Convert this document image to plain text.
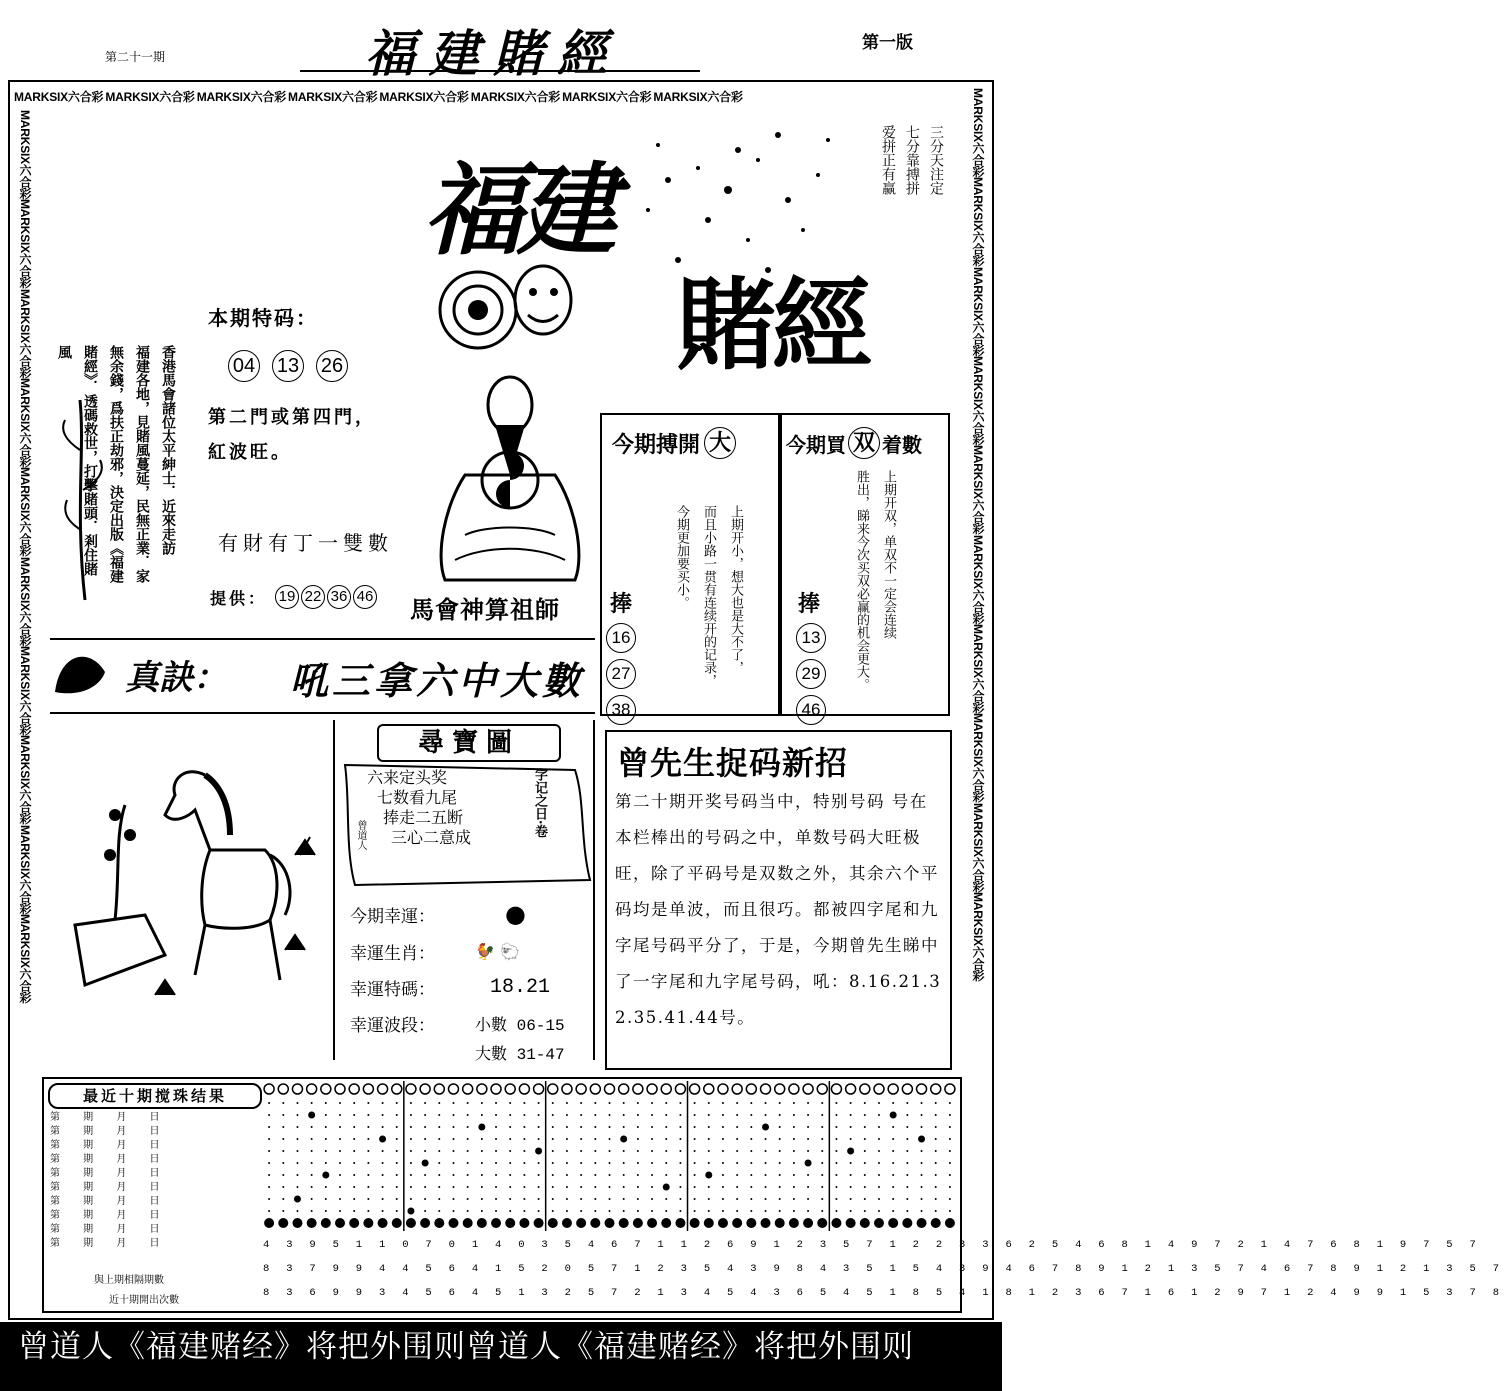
第二十一期	福建賭經	第一版
MARKSIX六合彩 MARKSIX六合彩 MARKSIX六合彩 MARKSIX六合彩 MARKSIX六合彩 MARKSIX六合彩 MARKSIX六合彩 MARKSIX六合彩
MARKSIX六合彩
MARKSIX六合彩
MARKSIX六合彩
MARKSIX六合彩
MARKSIX六合彩
MARKSIX六合彩
MARKSIX六合彩
MARKSIX六合彩
MARKSIX六合彩
MARKSIX六合彩
MARKSIX六合彩
MARKSIX六合彩
MARKSIX六合彩
MARKSIX六合彩
MARKSIX六合彩
MARKSIX六合彩
MARKSIX六合彩
MARKSIX六合彩
MARKSIX六合彩
MARKSIX六合彩
福建
賭經
三分天注定
七分靠搏拼
爱拼正有赢
香港馬會諸位太平紳士．近來走訪
福建各地，見賭風蔓延，民無正業．家
無余錢，爲扶正劫邪，決定出版《福建
賭經》．透碼救世，打擊賭頭．剎住賭
風
本期特码：
04 13 26
第二門或第四門，
紅波旺。
有財有丁一雙數
提供： 19 22 36 46 馬會神算祖師
真訣： 吼三拿六中大數
今期搏開 大
上期开小，想大也是大不了，
而且小路一贯有连续开的记录，
今期更加要买小。
捧
16
27
38
今期買 双 着數
上期开双，单双不一定会连续
胜出，睇来今次买双必赢的机会更大。
捧
13
29
46
尋寶圖
六来定头奖
七数看九尾
捧走二五断
三心二意成	字记之日·卷
曾道人
今期幸運：	●
幸運生肖：	🐓 🐑
幸運特碼：	18.21
幸運波段：	小數 06-15
大數 31-47
曾先生捉码新招
第二十期开奖号码当中，特别号码 号在本栏棒出的号码之中，单数号码大旺极旺，除了平码号是双数之外，其余六个平码均是单波，而且很巧。都被四字尾和九字尾号码平分了，于是，今期曾先生睇中了一字尾和九字尾号码，吼：8.16.21.32.35.41.44号。
最近十期搅珠结果
第 期 月 日
第 期 月 日
第 期 月 日
第 期 月 日
第 期 月 日
第 期 月 日
第 期 月 日
第 期 月 日
第 期 月 日
第 期 月 日
與上期相隔期數
近十期開出次數
4 3 9 5 1 1 0 7 0 1 4 0 3 5 4 6 7 1 1 2 6 9 1 2 3 5 7 1 2 2 3 3 6 2 5 4 6 8 1 4 9 7 2 1 4 7 6 8 1 9 7 5 7
8 3 7 9 9 4 4 5 6 4 1 5 2 0 5 7 1 2 3 5 4 3 9 8 4 3 5 1 5 4 3 9 4 6 7 8 9 1 2 1 3 5 7 4 6 7 8 9 1 2 1 3 5 7
8 3 6 9 9 3 4 5 6 4 5 1 3 2 5 7 2 1 3 4 5 4 3 6 5 4 5 1 8 5 4 1 8 1 2 3 6 7 1 6 1 2 9 7 1 2 4 9 9 1 5 3 7 8
曾道人《福建赌经》将把外围则曾道人《福建赌经》将把外围则
